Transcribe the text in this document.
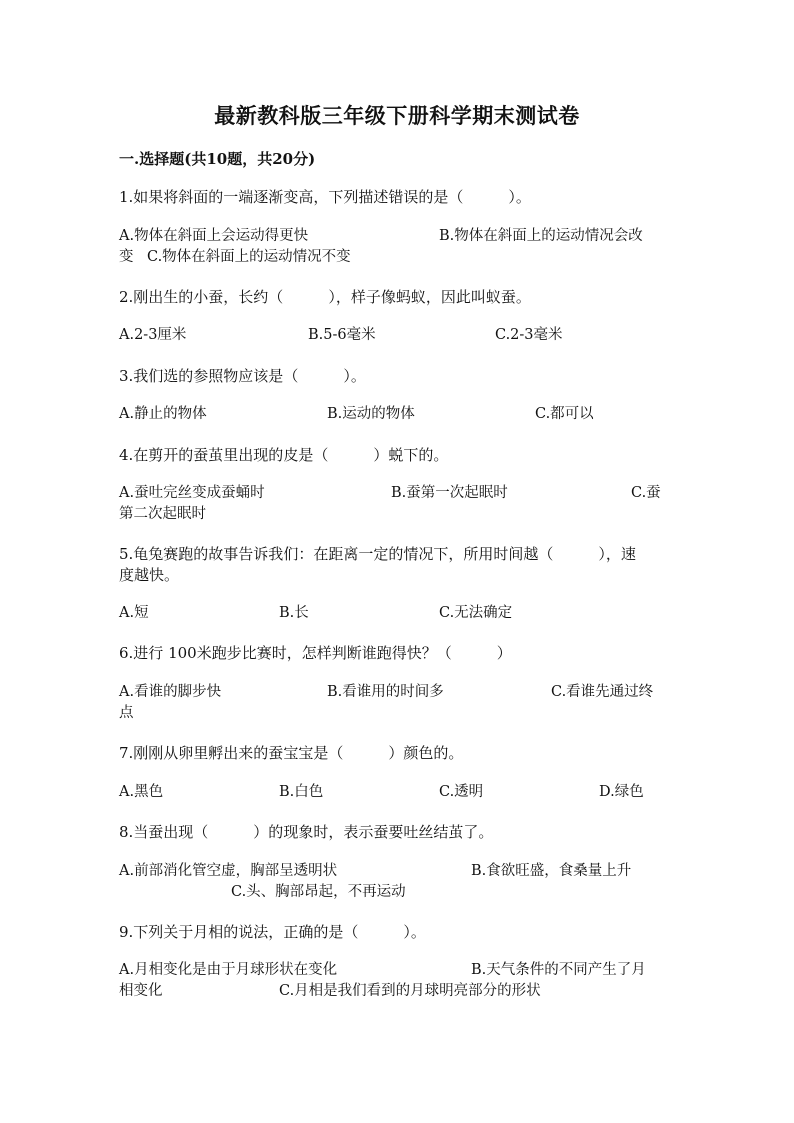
最新教科版三年级下册科学期末测试卷
一.选择题(共10题，共20分)
1.如果将斜面的一端逐渐变高，下列描述错误的是（　　　）。
A.物体在斜面上会运动得更快	B.物体在斜面上的运动情况会改
变 C.物体在斜面上的运动情况不变
2.刚出生的小蚕，长约（　　　），样子像蚂蚁，因此叫蚁蚕。
A.2-3厘米	B.5-6毫米	C.2-3毫米
3.我们选的参照物应该是（　　　）。
A.静止的物体	B.运动的物体	C.都可以
4.在剪开的蚕茧里出现的皮是（　　　）蜕下的。
A.蚕吐完丝变成蚕蛹时	B.蚕第一次起眠时	C.蚕
第二次起眠时
5.龟兔赛跑的故事告诉我们：在距离一定的情况下，所用时间越（　　　），速
度越快。
A.短	B.长	C.无法确定
6.进行 100米跑步比赛时，怎样判断谁跑得快？（　　　）
A.看谁的脚步快	B.看谁用的时间多	C.看谁先通过终
点
7.刚刚从卵里孵出来的蚕宝宝是（　　　）颜色的。
A.黑色	B.白色	C.透明	D.绿色
8.当蚕出现（　　　）的现象时，表示蚕要吐丝结茧了。
A.前部消化管空虚，胸部呈透明状	B.食欲旺盛，食桑量上升
C.头、胸部昂起，不再运动
9.下列关于月相的说法，正确的是（　　　）。
A.月相变化是由于月球形状在变化	B.天气条件的不同产生了月
相变化	C.月相是我们看到的月球明亮部分的形状
